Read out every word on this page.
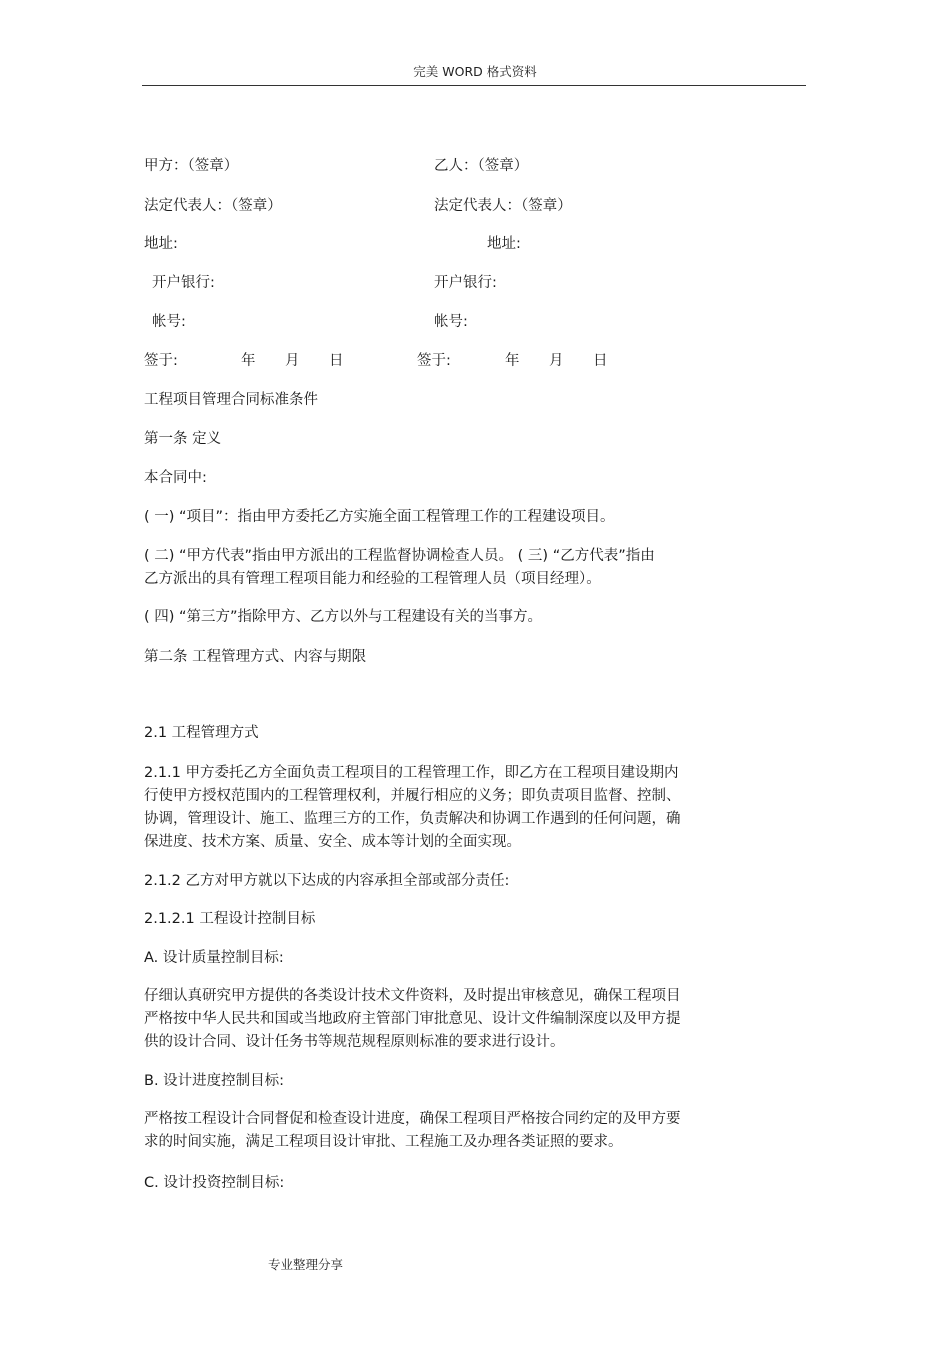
完美 WORD 格式资料
甲方：（签章）	乙人：（签章）
法定代表人：（签章）	法定代表人：（签章）
地址:	地址:
开户银行:	开户银行:
帐号:	帐号:
签于:	年 月 日	签于:	年 月 日
工程项目管理合同标准条件
第一条 定义
本合同中:
( 一) “项目”：指由甲方委托乙方实施全面工程管理工作的工程建设项目。
( 二) “甲方代表”指由甲方派出的工程监督协调检查人员。 ( 三) “乙方代表”指由
乙方派出的具有管理工程项目能力和经验的工程管理人员（项目经理）。
( 四) “第三方”指除甲方、乙方以外与工程建设有关的当事方。
第二条 工程管理方式、内容与期限
2.1 工程管理方式
2.1.1 甲方委托乙方全面负责工程项目的工程管理工作，即乙方在工程项目建设期内
行使甲方授权范围内的工程管理权利，并履行相应的义务；即负责项目监督、控制、
协调，管理设计、施工、监理三方的工作，负责解决和协调工作遇到的任何问题，确
保进度、技术方案、质量、安全、成本等计划的全面实现。
2.1.2 乙方对甲方就以下达成的内容承担全部或部分责任:
2.1.2.1 工程设计控制目标
A. 设计质量控制目标:
仔细认真研究甲方提供的各类设计技术文件资料，及时提出审核意见，确保工程项目
严格按中华人民共和国或当地政府主管部门审批意见、设计文件编制深度以及甲方提
供的设计合同、设计任务书等规范规程原则标准的要求进行设计。
B. 设计进度控制目标:
严格按工程设计合同督促和检查设计进度，确保工程项目严格按合同约定的及甲方要
求的时间实施，满足工程项目设计审批、工程施工及办理各类证照的要求。
C. 设计投资控制目标:
专业整理分享
